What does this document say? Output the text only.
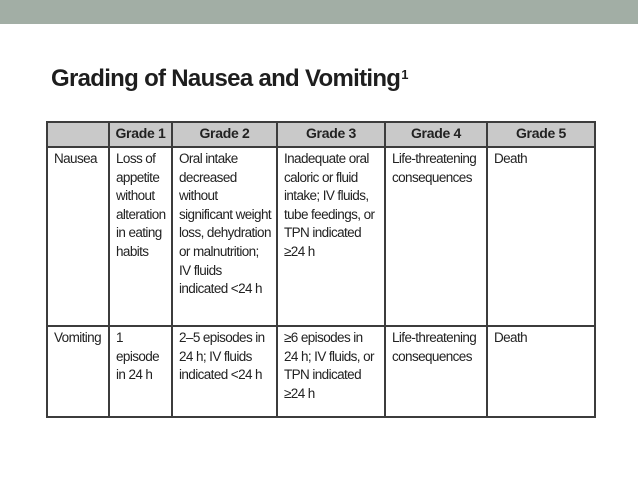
Grading of Nausea and Vomiting$^1$
	Grade 1	Grade 2	Grade 3	Grade 4	Grade 5
Nausea	Loss of appetite without alteration in eating habits	Oral intake decreased without significant weight loss, dehydration or malnutrition; IV fluids indicated <24 h	Inadequate oral caloric or fluid intake; IV fluids, tube feedings, or TPN indicated ≥24 h	Life-threatening consequences	Death
Vomiting	1 episode in 24 h	2–5 episodes in 24 h; IV fluids indicated <24 h	≥6 episodes in 24 h; IV fluids, or TPN indicated ≥24 h	Life-threatening consequences	Death
